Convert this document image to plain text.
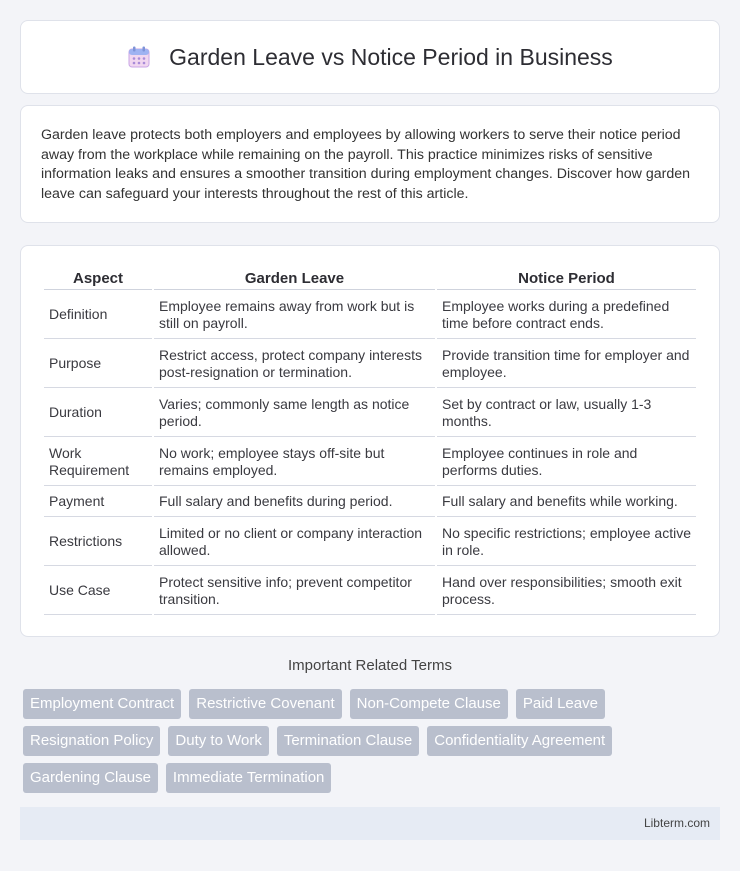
Garden Leave vs Notice Period in Business

Garden leave protects both employers and employees by allowing workers to serve their notice period away from the workplace while remaining on the payroll. This practice minimizes risks of sensitive information leaks and ensures a smoother transition during employment changes. Discover how garden leave can safeguard your interests throughout the rest of this article.

Aspect	Garden Leave	Notice Period
Definition	Employee remains away from work but is still on payroll.	Employee works during a predefined time before contract ends.
Purpose	Restrict access, protect company interests post-resignation or termination.	Provide transition time for employer and employee.
Duration	Varies; commonly same length as notice period.	Set by contract or law, usually 1-3 months.
Work Requirement	No work; employee stays off-site but remains employed.	Employee continues in role and performs duties.
Payment	Full salary and benefits during period.	Full salary and benefits while working.
Restrictions	Limited or no client or company interaction allowed.	No specific restrictions; employee active in role.
Use Case	Protect sensitive info; prevent competitor transition.	Hand over responsibilities; smooth exit process.
Important Related Terms
Employment Contract	Restrictive Covenant	Non-Compete Clause	Paid Leave
Resignation Policy	Duty to Work	Termination Clause	Confidentiality Agreement
Gardening Clause	Immediate Termination
Libterm.com
